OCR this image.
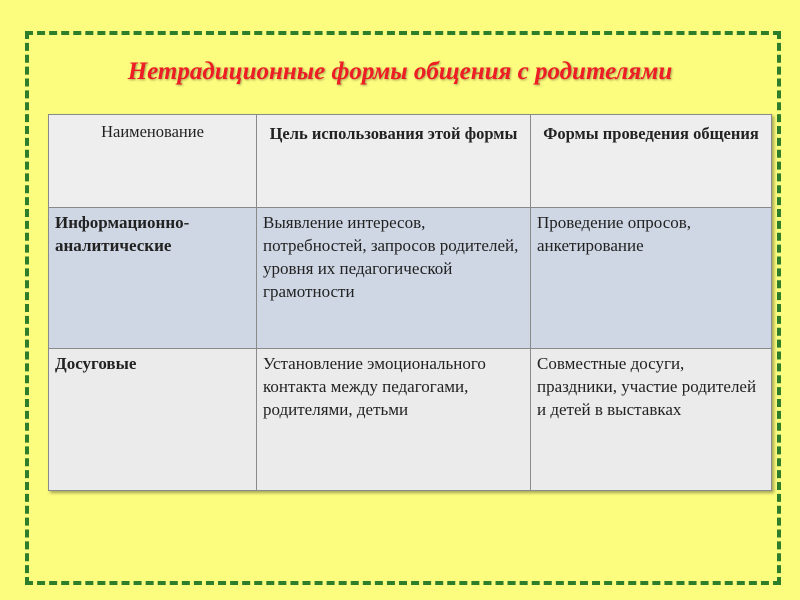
Нетрадиционные формы общения с родителями
Наименование	Цель использования этой формы	Формы проведения общения
Информационно-аналитические	Выявление интересов, потребностей, запросов родителей, уровня их педагогической грамотности	Проведение опросов, анкетирование
Досуговые	Установление эмоционального контакта между педагогами, родителями, детьми	Совместные досуги, праздники, участие родителей и детей в выставках
